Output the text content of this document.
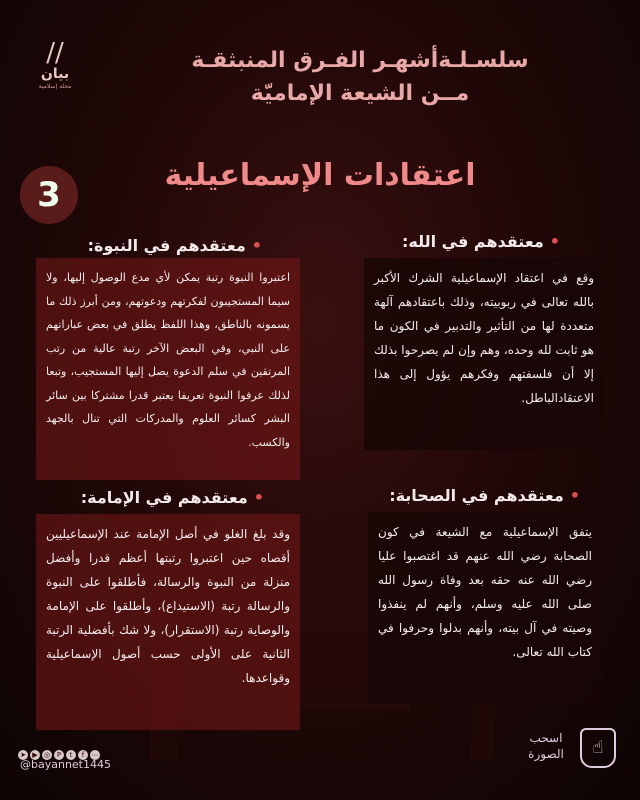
//
بيان
مجلة إسلامية
سلسـلـةأشهـر الفـرق المنبثقـة
مــن الشيعة الإماميّة
3	اعتقادات الإسماعيلية
•معتقدهم في الله:
وقع في اعتقاد الإسماعيلية الشرك الأكبر بالله تعالى في ربوبيته، وذلك باعتقادهم آلهة متعددة لها من التأثير والتدبير في الكون ما هو ثابت لله وحده، وهم وإن لم يصرحوا بذلك إلا أن فلسفتهم وفكرهم يؤول إلى هذا الاعتقادالباطل.
•معتقدهم في النبوة:
اعتبروا النبوة رتبة يمكن لأي مدع الوصول إليها، ولا سيما المستجيبون لفكرتهم ودعوتهم، ومن أبرز ذلك ما يسمونه بالناطق، وهذا اللفظ يطلق في بعض عباراتهم على النبي، وفي البعض الآخر رتبة عالية من رتب المرتقين في سلم الدعوة يصل إليها المستجيب، وتبعا لذلك عرفوا النبوة تعريفا يعتبر قدرا مشتركا بين سائر البشر كسائر العلوم والمدركات التي تنال بالجهد والكسب.
•معتقدهم في الصحابة:
يتفق الإسماعيلية مع الشيعة في كون الصحابة رضي الله عنهم قد اغتصبوا عليا رضي الله عنه حقه بعد وفاة رسول الله صلى الله عليه وسلم، وأنهم لم ينفذوا وصيته في آل بيته، وأنهم بدلوا وحرفوا في كتاب الله تعالى.
•معتقدهم في الإمامة:
وقد بلغ الغلو في أصل الإمامة عند الإسماعيليين أقصاه حين اعتبروا رتبتها أعظم قدرا وأفضل منزلة من النبوة والرسالة، فأطلقوا على النبوة والرسالة رتبة (الاستيداع)، وأطلقوا على الإمامة والوصاية رتبة (الاستقرار)، ولا شك بأفضلية الرتبة الثانية على الأولى حسب أصول الإسماعيلية وقواعدها.
➤ ▶ ◎ P t f ⋯
@bayannet1445
اسحب الصورة	☝
